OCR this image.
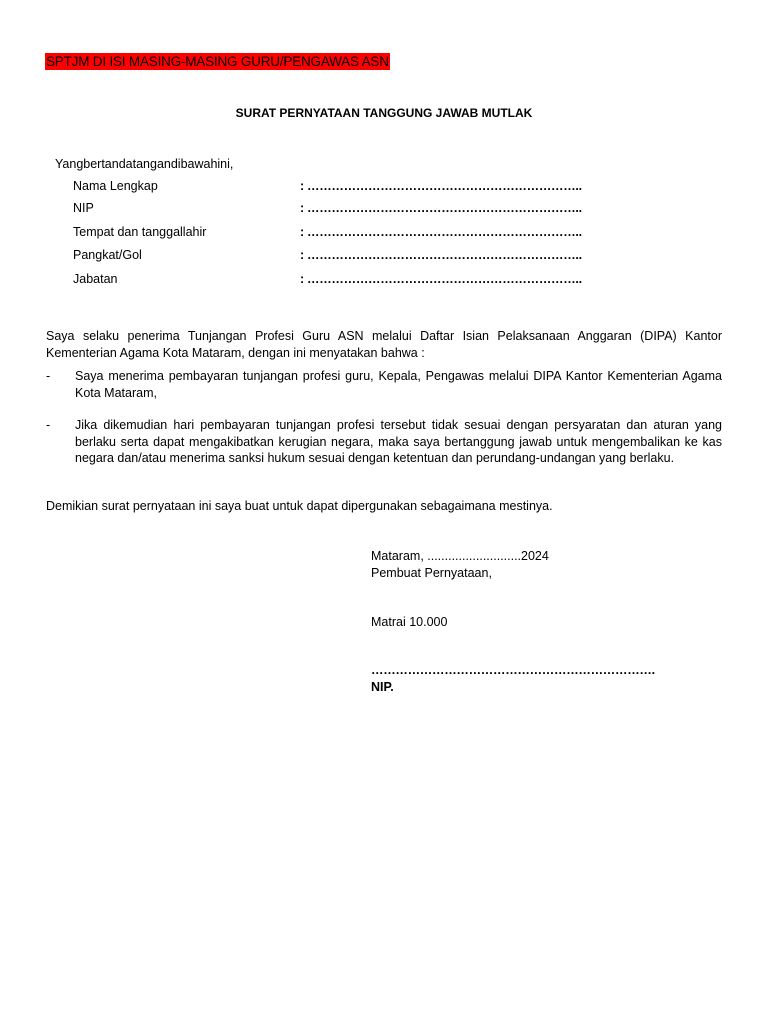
SPTJM DI ISI MASING-MASING GURU/PENGAWAS ASN
SURAT PERNYATAAN TANGGUNG JAWAB MUTLAK
Yangbertandatangandibawahini,
Nama Lengkap	: …………………………………………………………..
NIP	: …………………………………………………………..
Tempat dan tanggallahir	: …………………………………………………………..
Pangkat/Gol	: …………………………………………………………..
Jabatan	: …………………………………………………………..
Saya selaku penerima Tunjangan Profesi Guru ASN melalui Daftar Isian Pelaksanaan Anggaran (DIPA) Kantor Kementerian Agama Kota Mataram, dengan ini menyatakan bahwa :
- Saya menerima pembayaran tunjangan profesi guru, Kepala, Pengawas melalui DIPA Kantor Kementerian Agama Kota Mataram,
- Jika dikemudian hari pembayaran tunjangan profesi tersebut tidak sesuai dengan persyaratan dan aturan yang berlaku serta dapat mengakibatkan kerugian negara, maka saya bertanggung jawab untuk mengembalikan ke kas negara dan/atau menerima sanksi hukum sesuai dengan ketentuan dan perundang-undangan yang berlaku.
Demikian surat pernyataan ini saya buat untuk dapat dipergunakan sebagaimana mestinya.
Mataram, ...........................2024
Pembuat Pernyataan,
Matrai 10.000
…………………………………………………………….
NIP.
